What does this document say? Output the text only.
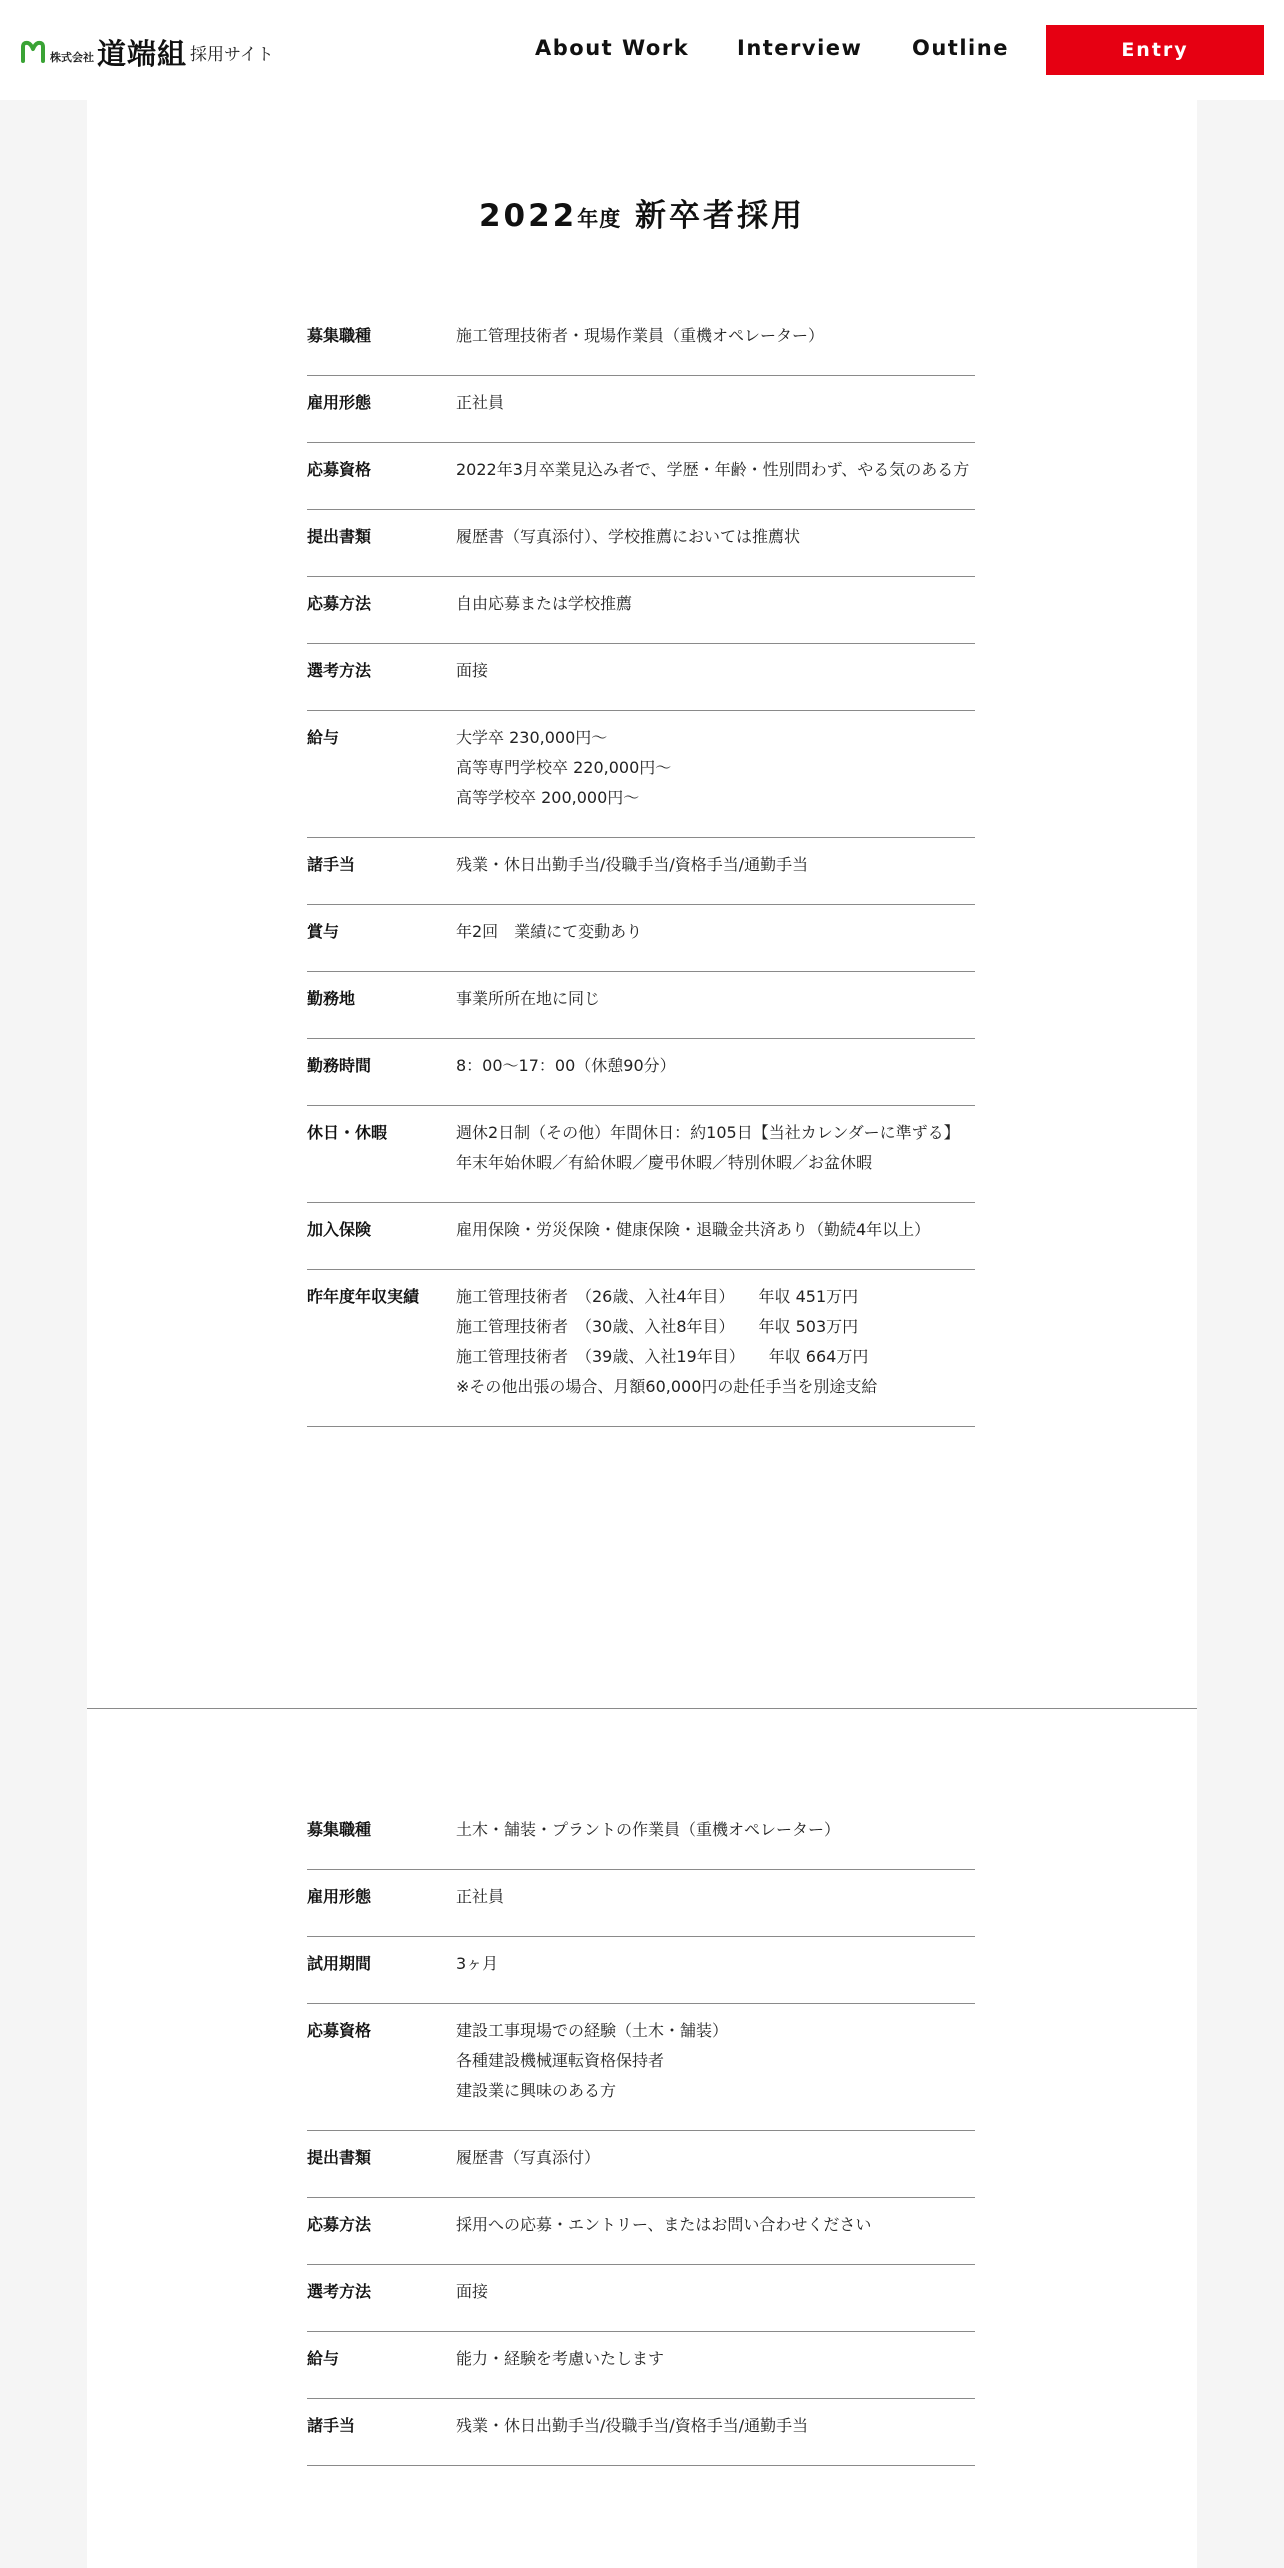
株式会社 道端組 採用サイト	About Work Interview Outline	Entry
2022年度 新卒者採用
募集職種	施工管理技術者・現場作業員（重機オペレーター）
雇用形態	正社員
応募資格	2022年3月卒業見込み者で、学歴・年齢・性別問わず、やる気のある方
提出書類	履歴書（写真添付）、学校推薦においては推薦状
応募方法	自由応募または学校推薦
選考方法	面接
給与	大学卒 230,000円～
高等専門学校卒 220,000円～
高等学校卒 200,000円～
諸手当	残業・休日出勤手当/役職手当/資格手当/通勤手当
賞与	年2回　業績にて変動あり
勤務地	事業所所在地に同じ
勤務時間	8：00～17：00（休憩90分）
休日・休暇	週休2日制（その他）年間休日：約105日【当社カレンダーに準ずる】
年末年始休暇／有給休暇／慶弔休暇／特別休暇／お盆休暇
加入保険	雇用保険・労災保険・健康保険・退職金共済あり（勤続4年以上）
昨年度年収実績	施工管理技術者　（26歳、入社4年目）　　年収 451万円
施工管理技術者　（30歳、入社8年目）　　年収 503万円
施工管理技術者　（39歳、入社19年目）　　年収 664万円
※その他出張の場合、月額60,000円の赴任手当を別途支給
募集職種	土木・舗装・プラントの作業員（重機オペレーター）
雇用形態	正社員
試用期間	3ヶ月
応募資格	建設工事現場での経験（土木・舗装）
各種建設機械運転資格保持者
建設業に興味のある方
提出書類	履歴書（写真添付）
応募方法	採用への応募・エントリー、またはお問い合わせください
選考方法	面接
給与	能力・経験を考慮いたします
諸手当	残業・休日出勤手当/役職手当/資格手当/通勤手当
